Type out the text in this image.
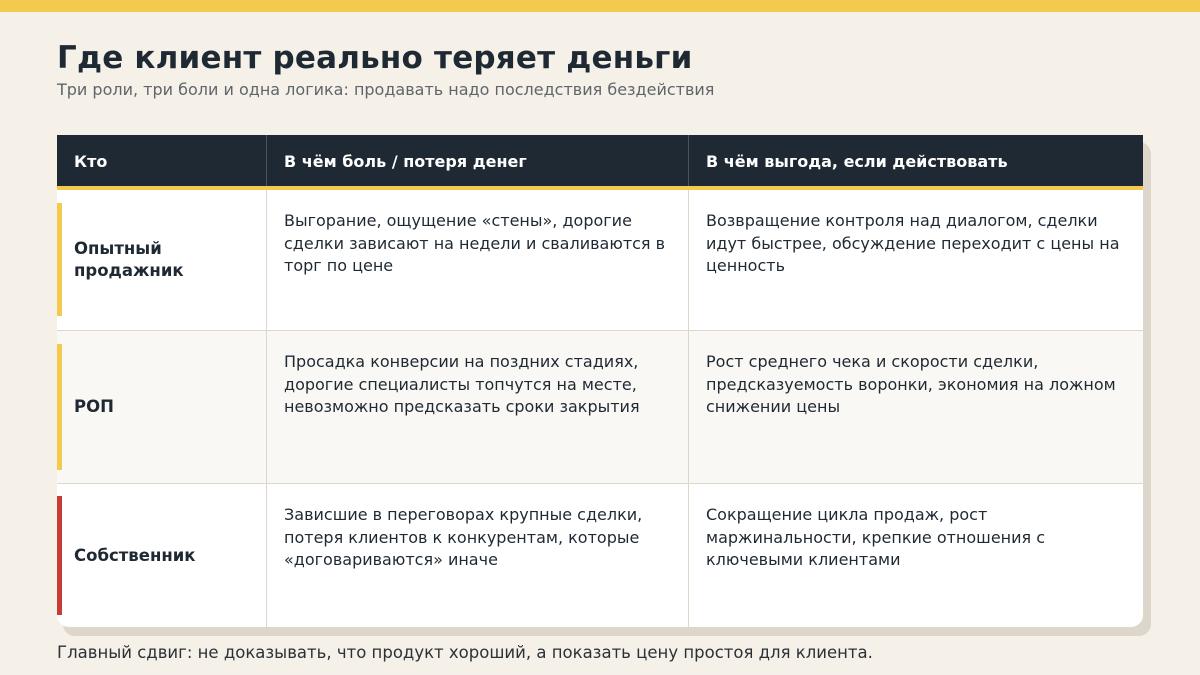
Где клиент реально теряет деньги

Три роли, три боли и одна логика: продавать надо последствия бездействия

Кто	В чём боль / потеря денег	В чём выгода, если действовать

Опытный продажник

Выгорание, ощущение «стены», дорогие сделки зависают на недели и сваливаются в торг по цене

Возвращение контроля над диалогом, сделки идут быстрее, обсуждение переходит с цены на ценность

РОП

Просадка конверсии на поздних стадиях, дорогие специалисты топчутся на месте, невозможно предсказать сроки закрытия

Рост среднего чека и скорости сделки, предсказуемость воронки, экономия на ложном снижении цены

Собственник

Зависшие в переговорах крупные сделки, потеря клиентов к конкурентам, которые «договариваются» иначе

Сокращение цикла продаж, рост маржинальности, крепкие отношения с ключевыми клиентами

Главный сдвиг: не доказывать, что продукт хороший, а показать цену простоя для клиента.
